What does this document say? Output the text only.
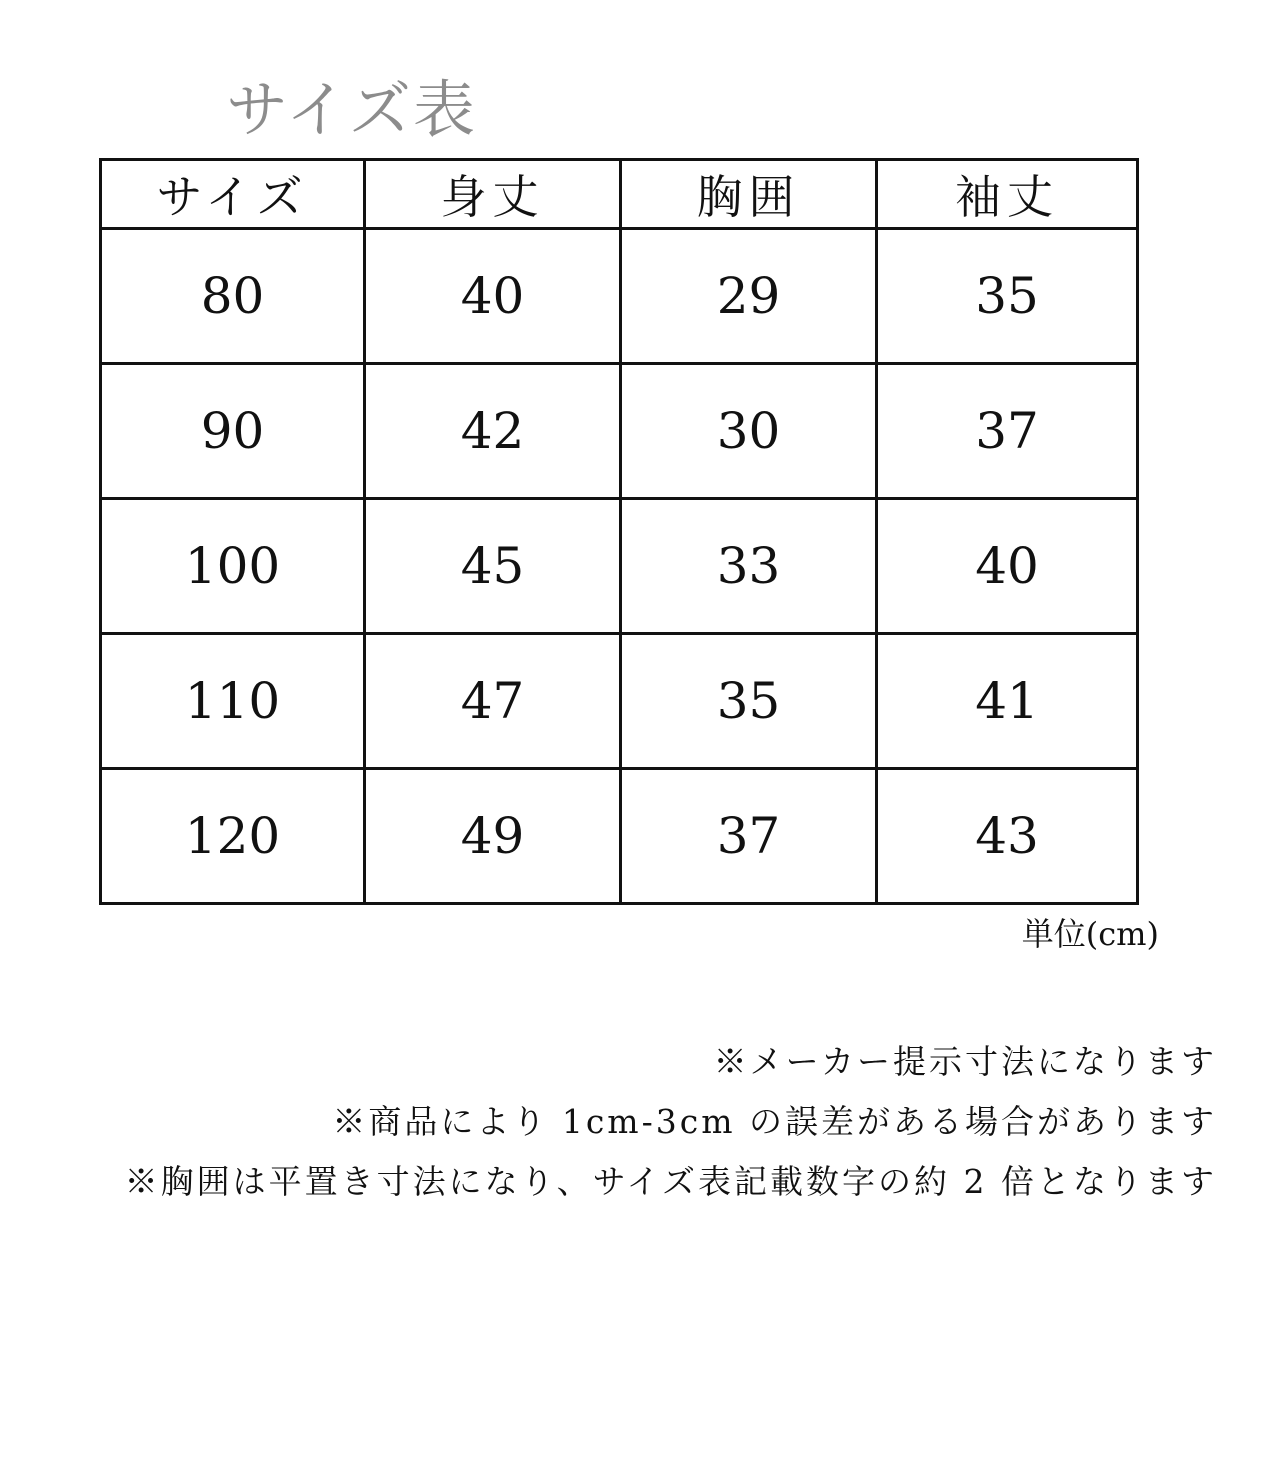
サイズ表
サイズ	身丈	胸囲	袖丈
80	40	29	35
90	42	30	37
100	45	33	40
110	47	35	41
120	49	37	43
単位(cm)
※メーカー提示寸法になります
※商品により 1cm-3cm の誤差がある場合があります
※胸囲は平置き寸法になり、サイズ表記載数字の約 2 倍となります
